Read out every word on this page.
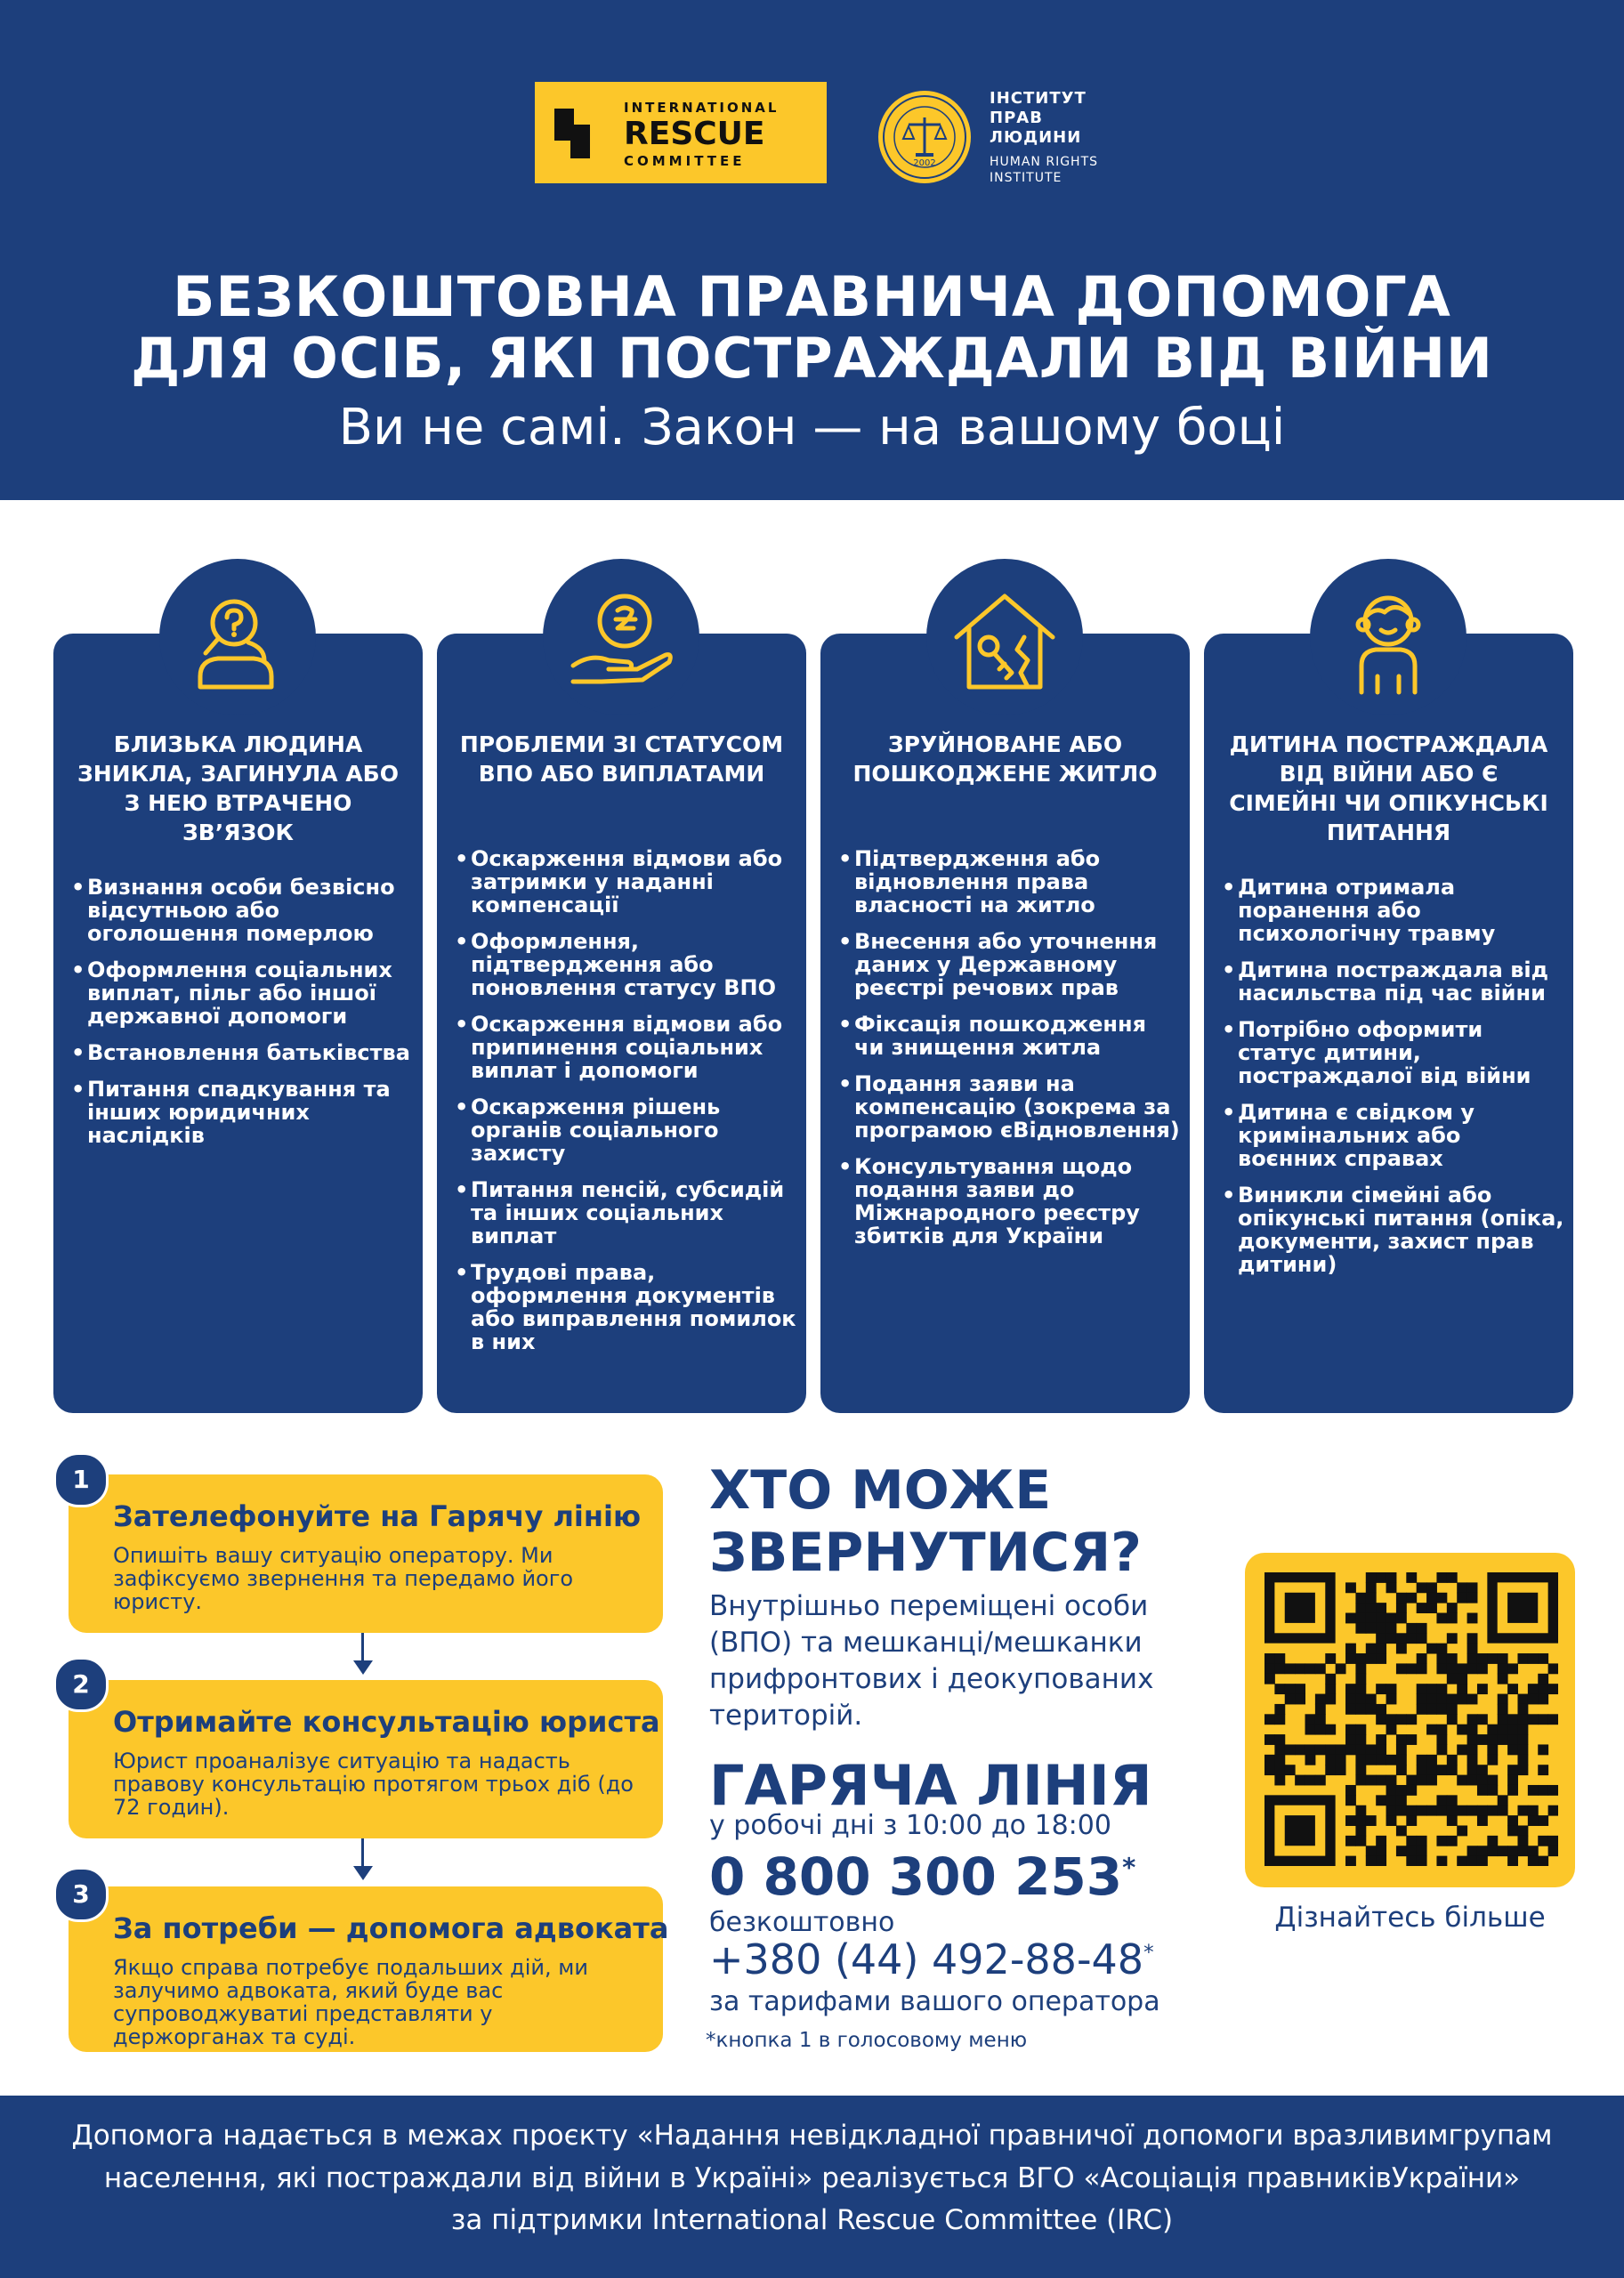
INTERNATIONAL
RESCUE
COMMITTEE	2002
ІНСТИТУТ
ПРАВ
ЛЮДИНИ
HUMAN RIGHTS
INSTITUTE
БЕЗКОШТОВНА ПРАВНИЧА ДОПОМОГА
ДЛЯ ОСІБ, ЯКІ ПОСТРАЖДАЛИ ВІД ВІЙНИ
Ви не самі. Закон — на вашому боці
БЛИЗЬКА ЛЮДИНА ЗНИКЛА, ЗАГИНУЛА АБО З НЕЮ ВТРАЧЕНО ЗВ’ЯЗОК
• Визнання особи безвісно відсутньою або оголошення померлою
• Оформлення соціальних виплат, пільг або іншої державної допомоги
• Встановлення батьківства
• Питання спадкування та інших юридичних наслідків
ПРОБЛЕМИ ЗІ СТАТУСОМ ВПО АБО ВИПЛАТАМИ
• Оскарження відмови або затримки у наданні компенсації
• Оформлення, підтвердження або поновлення статусу ВПО
• Оскарження відмови або припинення соціальних виплат і допомоги
• Оскарження рішень органів соціального захисту
• Питання пенсій, субсидій та інших соціальних виплат
• Трудові права, оформлення документів або виправлення помилок в них
ЗРУЙНОВАНЕ АБО ПОШКОДЖЕНЕ ЖИТЛО
• Підтвердження або відновлення права власності на житло
• Внесення або уточнення даних у Державному реєстрі речових прав
• Фіксація пошкодження чи знищення житла
• Подання заяви на компенсацію (зокрема за програмою єВідновлення)
• Консультування щодо подання заяви до Міжнародного реєстру збитків для України
ДИТИНА ПОСТРАЖДАЛА ВІД ВІЙНИ АБО Є СІМЕЙНІ ЧИ ОПІКУНСЬКІ ПИТАННЯ
• Дитина отримала поранення або психологічну травму
• Дитина постраждала від насильства під час війни
• Потрібно оформити статус дитини, постраждалої від війни
• Дитина є свідком у кримінальних або воєнних справах
• Виникли сімейні або опікунські питання (опіка, документи, захист прав дитини)
Зателефонуйте на Гарячу лінію
Опишіть вашу ситуацію оператору. Ми зафіксуємо звернення та передамо його юристу.
1
Отримайте консультацію юриста
Юрист проаналізує ситуацію та надасть правову консультацію протягом трьох діб (до 72 годин).
2
За потреби — допомога адвоката
Якщо справа потребує подальших дій, ми залучимо адвоката, який буде вас супроводжуватиі представляти у держорганах та суді.
3
ХТО МОЖЕ
ЗВЕРНУТИСЯ?
Внутрішньо переміщені особи (ВПО) та мешканці/мешканки прифронтових і деокупованих територій.
ГАРЯЧА ЛІНІЯ
у робочі дні з 10:00 до 18:00
0 800 300 253*
безкоштовно
+380 (44) 492-88-48*
за тарифами вашого оператора
*кнопка 1 в голосовому меню
Дізнайтесь більше
Допомога надається в межах проєкту «Надання невідкладної правничої допомоги вразливимгрупам
населення, які постраждали від війни в Україні» реалізується ВГО «Асоціація правниківУкраїни»
за підтримки International Rescue Committee (IRC)
